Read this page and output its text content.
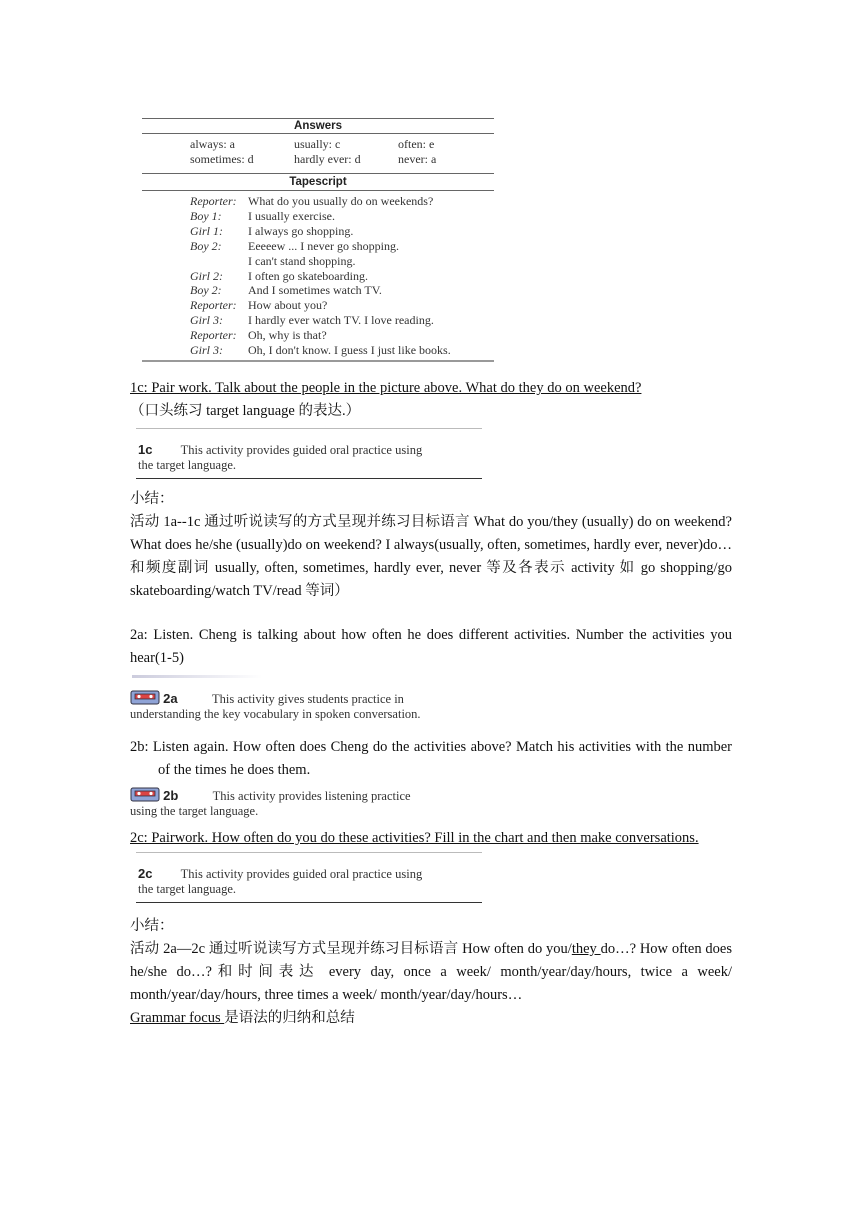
Answers
always: a	usually: c	often: e
sometimes: d	hardly ever: d	never: a
Tapescript
Reporter: What do you usually do on weekends?
Boy 1: I usually exercise.
Girl 1: I always go shopping.
Boy 2: Eeeeew ... I never go shopping.
I can't stand shopping.
Girl 2: I often go skateboarding.
Boy 2: And I sometimes watch TV.
Reporter: How about you?
Girl 3: I hardly ever watch TV. I love reading.
Reporter: Oh, why is that?
Girl 3: Oh, I don't know. I guess I just like books.
1c: Pair work. Talk about the people in the picture above. What do they do on weekend?
（口头练习 target language 的表达.）
1c This activity provides guided oral practice using
the target language.
小结：
活动 1a--1c 通过听说读写的方式呈现并练习目标语言 What do you/they (usually) do on weekend? What does he/she (usually)do on weekend? I always(usually, often, sometimes, hardly ever, never)do…和频度副词 usually, often, sometimes, hardly ever, never 等及各表示 activity 如 go shopping/go skateboarding/watch TV/read 等词）
2a: Listen. Cheng is talking about how often he does different activities. Number the activities you hear(1-5)
2a	This activity gives students practice in
understanding the key vocabulary in spoken conversation.
2b: Listen again. How often does Cheng do the activities above? Match his activities with the number of the times he does them.
2b	This activity provides listening practice
using the target language.
2c: Pairwork. How often do you do these activities? Fill in the chart and then make conversations.
2c This activity provides guided oral practice using
the target language.
小结：
活动 2a—2c 通过听说读写方式呈现并练习目标语言 How often do you/they do…? How often does he/she do…?和时间表达 every day, once a week/ month/year/day/hours, twice a week/ month/year/day/hours, three times a week/ month/year/day/hours…
Grammar focus 是语法的归纳和总结
